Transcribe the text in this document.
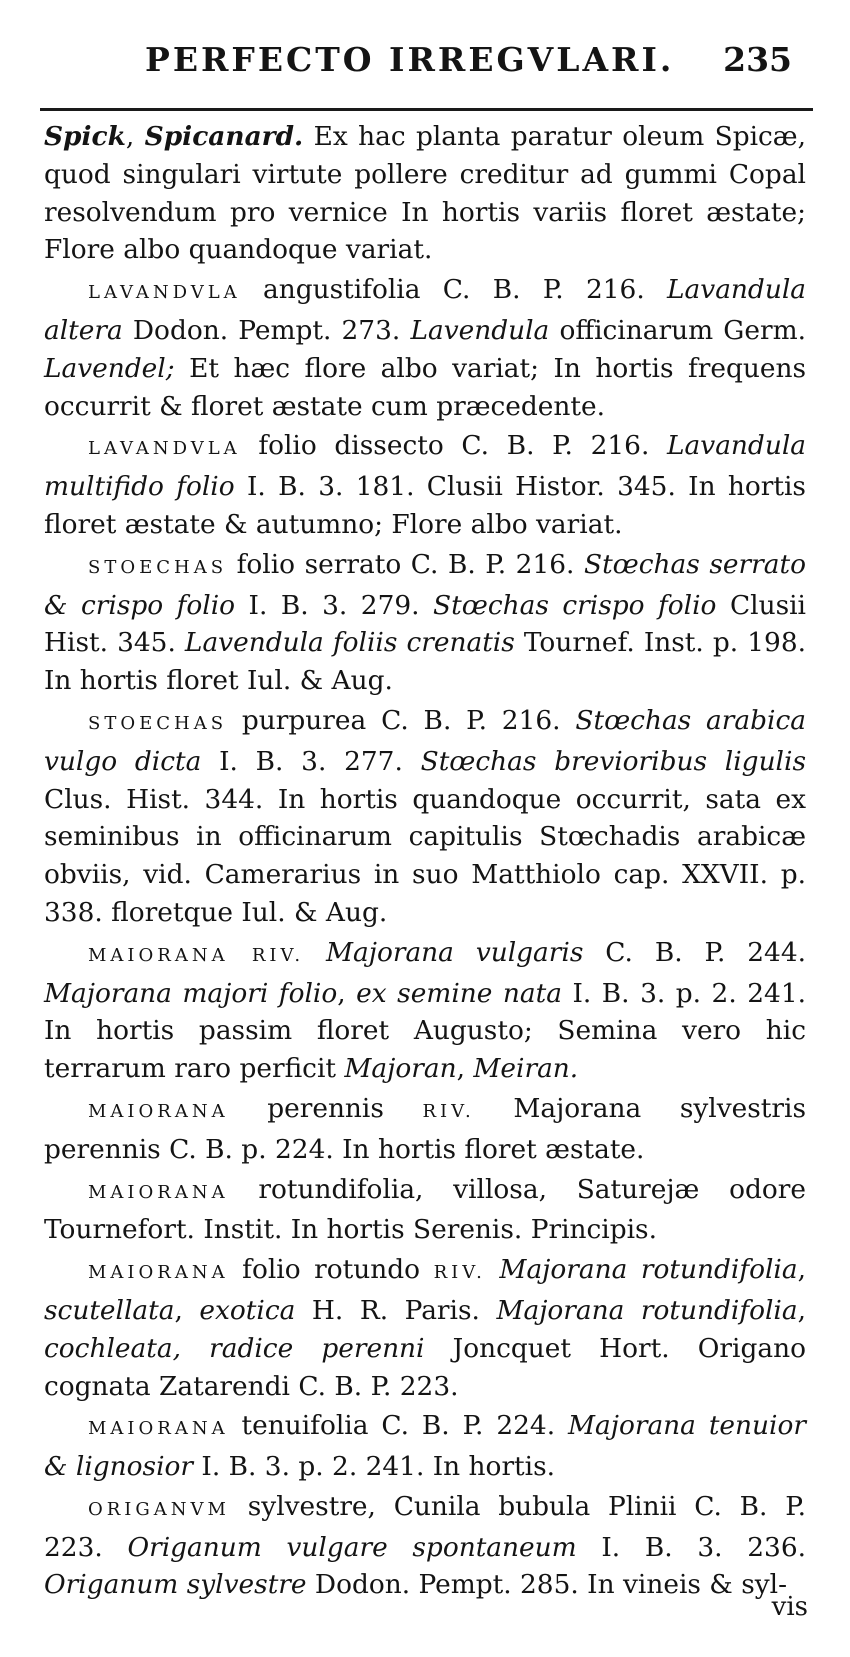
PERFECTO IRREGVLARI. 235

Spick, Spicanard. Ex hac planta paratur oleum Spicæ, quod singulari virtute pollere creditur ad gummi Copal resolvendum pro vernice In hortis variis floret æstate; Flore albo quandoque variat.

LAVANDVLA angustifolia C. B. P. 216. Lavandula altera Dodon. Pempt. 273. Lavendula officinarum Germ. Lavendel; Et hæc flore albo variat; In hortis frequens occurrit & floret æstate cum præcedente.

LAVANDVLA folio dissecto C. B. P. 216. Lavandula multifido folio I. B. 3. 181. Clusii Histor. 345. In hortis floret æstate & autumno; Flore albo variat.

STOECHAS folio serrato C. B. P. 216. Stœchas serrato & crispo folio I. B. 3. 279. Stœchas crispo folio Clusii Hist. 345. Lavendula foliis crenatis Tournef. Inst. p. 198. In hortis floret Iul. & Aug.

STOECHAS purpurea C. B. P. 216. Stœchas arabica vulgo dicta I. B. 3. 277. Stœchas brevioribus ligulis Clus. Hist. 344. In hortis quandoque occurrit, sata ex seminibus in officinarum capitulis Stœchadis arabicæ obviis, vid. Camerarius in suo Matthiolo cap. XXVII. p. 338. floretque Iul. & Aug.

MAIORANA RIV. Majorana vulgaris C. B. P. 244. Majorana majori folio, ex semine nata I. B. 3. p. 2. 241. In hortis passim floret Augusto; Semina vero hic terrarum raro perficit Majoran, Meiran.

MAIORANA perennis RIV. Majorana sylvestris perennis C. B. p. 224. In hortis floret æstate.

MAIORANA rotundifolia, villosa, Saturejæ odore Tournefort. Instit. In hortis Serenis. Principis.

MAIORANA folio rotundo RIV. Majorana rotundifolia, scutellata, exotica H. R. Paris. Majorana rotundifolia, cochleata, radice perenni Joncquet Hort. Origano cognata Zatarendi C. B. P. 223.

MAIORANA tenuifolia C. B. P. 224. Majorana tenuior & lignosior I. B. 3. p. 2. 241. In hortis.

ORIGANVM sylvestre, Cunila bubula Plinii C. B. P. 223. Origanum vulgare spontaneum I. B. 3. 236. Origanum sylvestre Dodon. Pempt. 285. In vineis & syl-

vis
